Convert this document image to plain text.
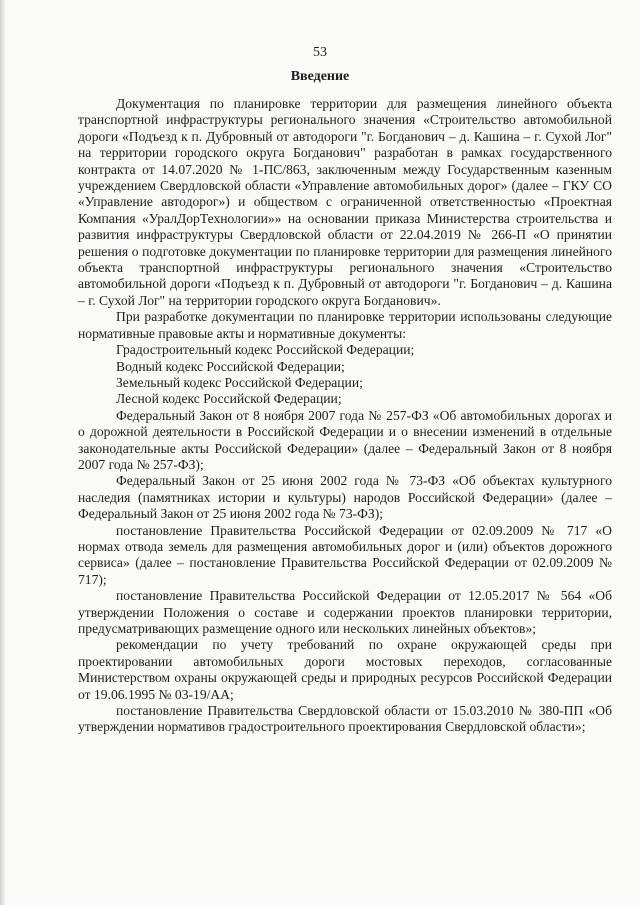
53
Введение

Документация по планировке территории для размещения линейного объекта транспортной инфраструктуры регионального значения «Строительство автомобильной дороги «Подъезд к п. Дубровный от автодороги "г. Богданович – д. Кашина – г. Сухой Лог" на территории городского округа Богданович" разработан в рамках государственного контракта от 14.07.2020 № 1-ПС/863, заключенным между Государственным казенным учреждением Свердловской области «Управление автомобильных дорог» (далее – ГКУ СО «Управление автодорог») и обществом с ограниченной ответственностью «Проектная Компания «УралДорТехнологии»» на основании приказа Министерства строительства и развития инфраструктуры Свердловской области от 22.04.2019 № 266-П «О принятии решения о подготовке документации по планировке территории для размещения линейного объекта транспортной инфраструктуры регионального значения «Строительство автомобильной дороги «Подъезд к п. Дубровный от автодороги "г. Богданович – д. Кашина – г. Сухой Лог" на территории городского округа Богданович».

При разработке документации по планировке территории использованы следующие нормативные правовые акты и нормативные документы:

Градостроительный кодекс Российской Федерации;

Водный кодекс Российской Федерации;

Земельный кодекс Российской Федерации;

Лесной кодекс Российской Федерации;

Федеральный Закон от 8 ноября 2007 года № 257-ФЗ «Об автомобильных дорогах и о дорожной деятельности в Российской Федерации и о внесении изменений в отдельные законодательные акты Российской Федерации» (далее – Федеральный Закон от 8 ноября 2007 года № 257-ФЗ);

Федеральный Закон от 25 июня 2002 года № 73-ФЗ «Об объектах культурного наследия (памятниках истории и культуры) народов Российской Федерации» (далее – Федеральный Закон от 25 июня 2002 года № 73-ФЗ);

постановление Правительства Российской Федерации от 02.09.2009 № 717 «О нормах отвода земель для размещения автомобильных дорог и (или) объектов дорожного сервиса» (далее – постановление Правительства Российской Федерации от 02.09.2009 № 717);

постановление Правительства Российской Федерации от 12.05.2017 № 564 «Об утверждении Положения о составе и содержании проектов планировки территории, предусматривающих размещение одного или нескольких линейных объектов»;

рекомендации по учету требований по охране окружающей среды при проектировании автомобильных дороги мостовых переходов, согласованные Министерством охраны окружающей среды и природных ресурсов Российской Федерации от 19.06.1995 № 03-19/АА;

постановление Правительства Свердловской области от 15.03.2010 № 380-ПП «Об утверждении нормативов градостроительного проектирования Свердловской области»;
